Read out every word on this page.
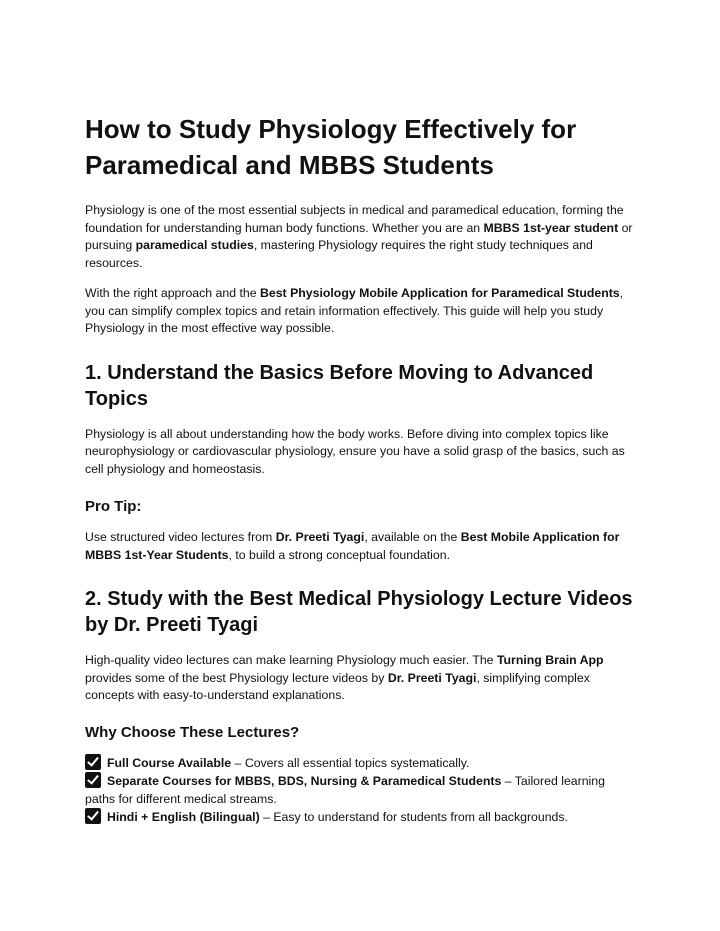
How to Study Physiology Effectively for Paramedical and MBBS Students

Physiology is one of the most essential subjects in medical and paramedical education, forming the foundation for understanding human body functions. Whether you are an MBBS 1st-year student or pursuing paramedical studies, mastering Physiology requires the right study techniques and resources.

With the right approach and the Best Physiology Mobile Application for Paramedical Students, you can simplify complex topics and retain information effectively. This guide will help you study Physiology in the most effective way possible.

1. Understand the Basics Before Moving to Advanced Topics

Physiology is all about understanding how the body works. Before diving into complex topics like neurophysiology or cardiovascular physiology, ensure you have a solid grasp of the basics, such as cell physiology and homeostasis.

Pro Tip:

Use structured video lectures from Dr. Preeti Tyagi, available on the Best Mobile Application for MBBS 1st-Year Students, to build a strong conceptual foundation.

2. Study with the Best Medical Physiology Lecture Videos by Dr. Preeti Tyagi

High-quality video lectures can make learning Physiology much easier. The Turning Brain App provides some of the best Physiology lecture videos by Dr. Preeti Tyagi, simplifying complex concepts with easy-to-understand explanations.

Why Choose These Lectures?

Full Course Available – Covers all essential topics systematically.

Separate Courses for MBBS, BDS, Nursing & Paramedical Students – Tailored learning paths for different medical streams.

Hindi + English (Bilingual) – Easy to understand for students from all backgrounds.
